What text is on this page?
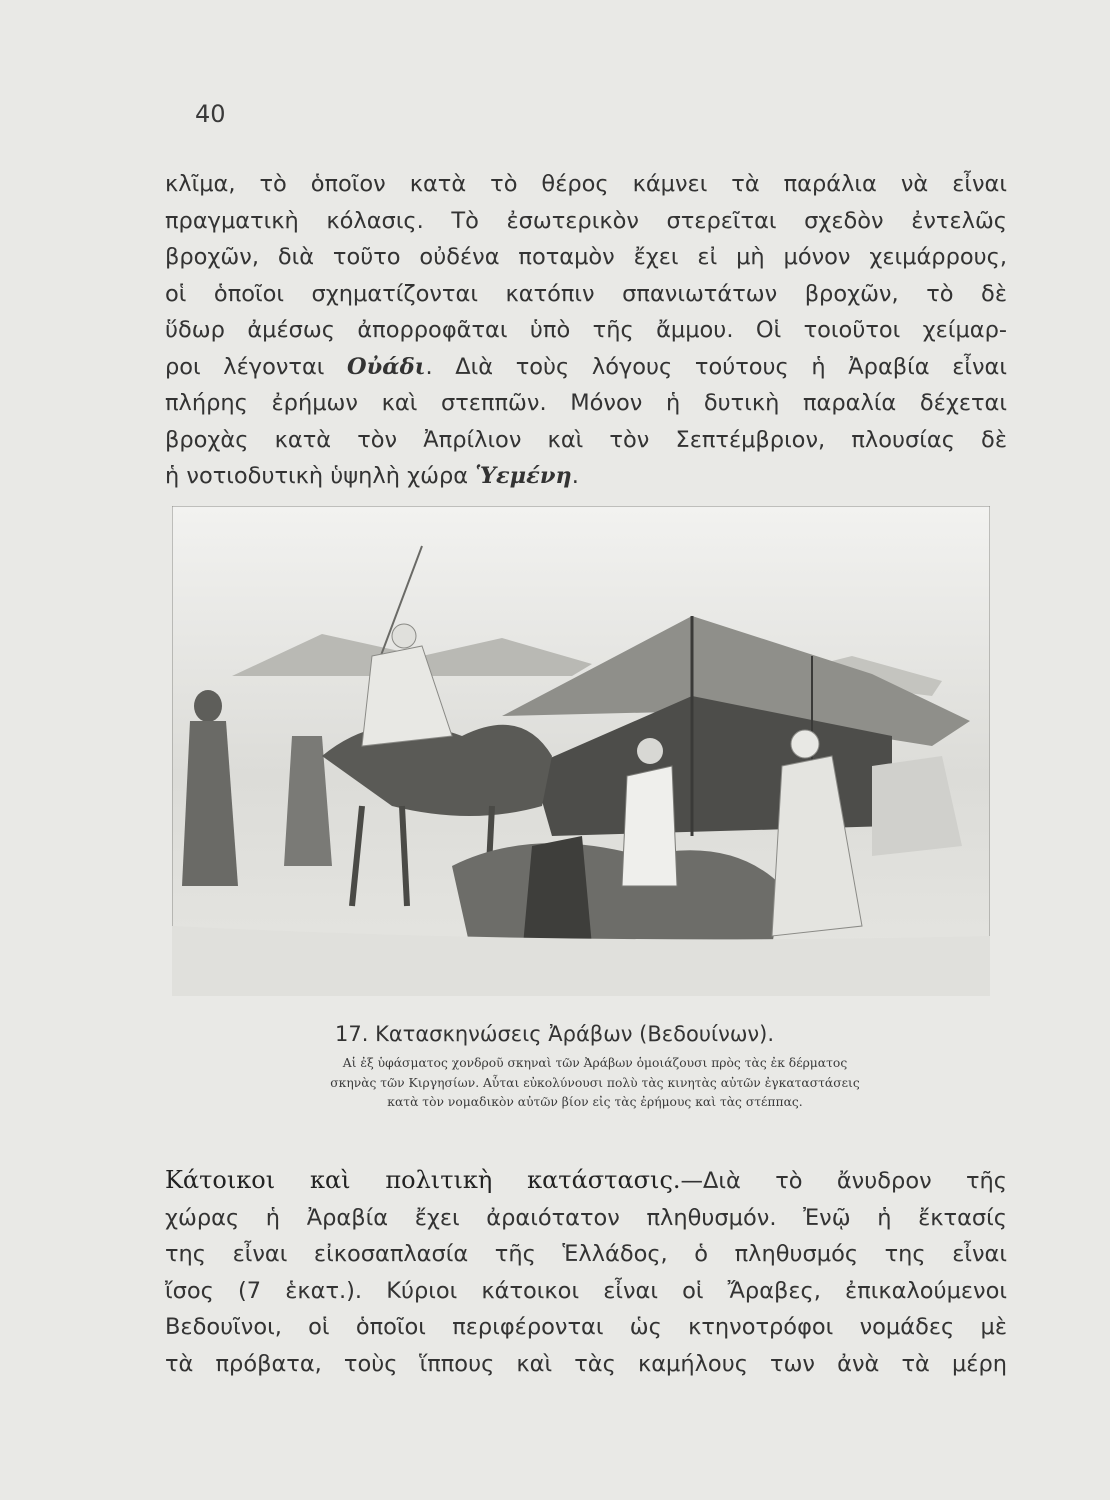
40
κλῖμα, τὸ ὁποῖον κατὰ τὸ θέρος κάμνει τὰ παράλια νὰ εἶναι
πραγματικὴ κόλασις. Τὸ ἐσωτερικὸν στερεῖται σχεδὸν ἐντελῶς
βροχῶν, διὰ τοῦτο οὐδένα ποταμὸν ἔχει εἰ μὴ μόνον χειμάρρους,
οἱ ὁποῖοι σχηματίζονται κατόπιν σπανιωτάτων βροχῶν, τὸ δὲ
ὕδωρ ἀμέσως ἀπορροφᾶται ὑπὸ τῆς ἄμμου. Οἱ τοιοῦτοι χείμαρ-
ροι λέγονται Οὐάδι. Διὰ τοὺς λόγους τούτους ἡ Ἀραβία εἶναι
πλήρης ἐρήμων καὶ στεππῶν. Μόνον ἡ δυτικὴ παραλία δέχεται
βροχὰς κατὰ τὸν Ἀπρίλιον καὶ τὸν Σεπτέμβριον, πλουσίας δὲ
ἡ νοτιοδυτικὴ ὑψηλὴ χώρα Ὑεμένη.
17. Κατασκηνώσεις Ἀράβων (Βεδουίνων).
Αἱ ἐξ ὑφάσματος χονδροῦ σκηναὶ τῶν Ἀράβων ὁμοιάζουσι πρὸς τὰς ἐκ δέρματος
σκηνὰς τῶν Κιργησίων. Αὗται εὐκολύνουσι πολὺ τὰς κινητὰς αὐτῶν ἐγκαταστάσεις
κατὰ τὸν νομαδικὸν αὐτῶν βίον εἰς τὰς ἐρήμους καὶ τὰς στέππας.
Κάτοικοι καὶ πολιτικὴ κατάστασις.—Διὰ τὸ ἄνυδρον τῆς
χώρας ἡ Ἀραβία ἔχει ἀραιότατον πληθυσμόν. Ἐνῷ ἡ ἔκτασίς
της εἶναι εἰκοσαπλασία τῆς Ἑλλάδος, ὁ πληθυσμός της εἶναι
ἴσος (7 ἑκατ.). Κύριοι κάτοικοι εἶναι οἱ Ἄραβες, ἐπικαλούμενοι
Βεδουῖνοι, οἱ ὁποῖοι περιφέρονται ὡς κτηνοτρόφοι νομάδες μὲ
τὰ πρόβατα, τοὺς ἵππους καὶ τὰς καμήλους των ἀνὰ τὰ μέρη
